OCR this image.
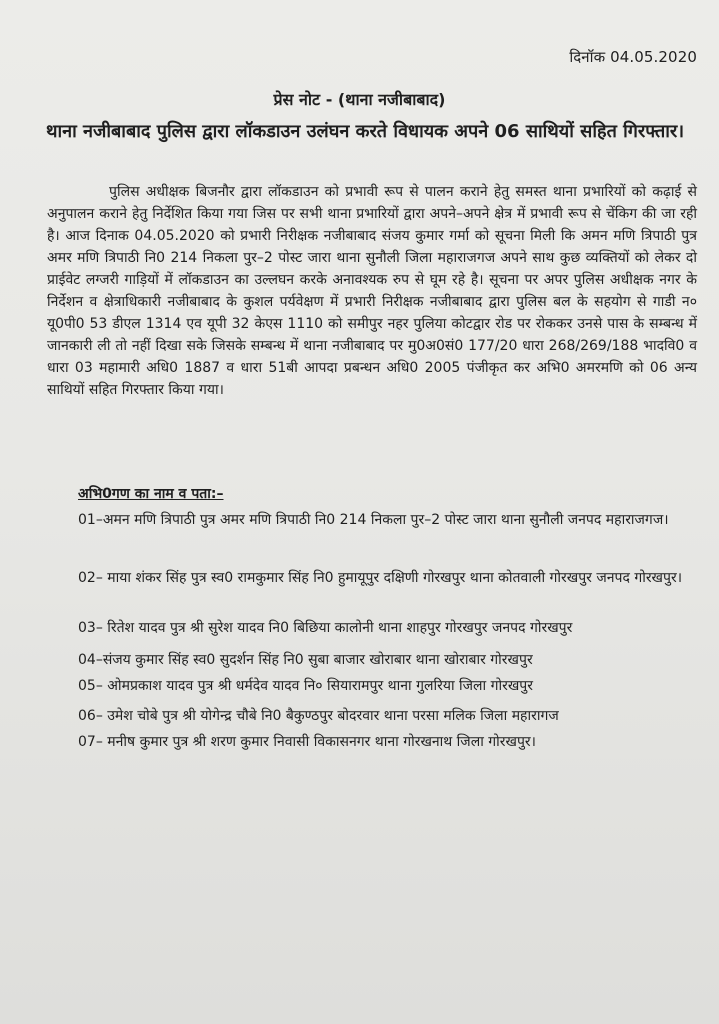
दिनॉक 04.05.2020
प्रेस नोट - (थाना नजीबाबाद)
थाना नजीबाबाद पुलिस द्वारा लॉकडाउन उलंघन करते विधायक अपने 06 साथियों सहित गिरफ्तार।

पुलिस अधीक्षक बिजनौर द्वारा लॉकडाउन को प्रभावी रूप से पालन कराने हेतु समस्त थाना प्रभारियों को कढ़ाई से अनुपालन कराने हेतु निर्देशित किया गया जिस पर सभी थाना प्रभारियों द्वारा अपने–अपने क्षेत्र में प्रभावी रूप से चेंकिग की जा रही है। आज दिनाक 04.05.2020 को प्रभारी निरीक्षक नजीबाबाद संजय कुमार गर्मा को सूचना मिली कि अमन मणि त्रिपाठी पुत्र अमर मणि त्रिपाठी नि0 214 निकला पुर–2 पोस्ट जारा थाना सुनौली जिला महाराजगज अपने साथ कुछ व्यक्तियों को लेकर दो प्राईवेट लग्जरी गाड़ियों में लॉकडाउन का उल्लघन करके अनावश्यक रुप से घूम रहे है। सूचना पर अपर पुलिस अधीक्षक नगर के निर्देशन व क्षेत्राधिकारी नजीबाबाद के कुशल पर्यवेक्षण में प्रभारी निरीक्षक नजीबाबाद द्वारा पुलिस बल के सहयोग से गाडी न० यू0पी0 53 डीएल 1314 एव यूपी 32 केएस 1110 को समीपुर नहर पुलिया कोटद्वार रोड पर रोककर उनसे पास के सम्बन्ध में जानकारी ली तो नहीं दिखा सके जिसके सम्बन्ध में थाना नजीबाबाद पर मु0अ0सं0 177/20 धारा 268/269/188 भादवि0 व धारा 03 महामारी अधि0 1887 व धारा 51बी आपदा प्रबन्धन अधि0 2005 पंजीकृत कर अभि0 अमरमणि को 06 अन्य साथियों सहित गिरफ्तार किया गया।

अभि0गण का नाम व पता:–
01–अमन मणि त्रिपाठी पुत्र अमर मणि त्रिपाठी नि0 214 निकला पुर–2 पोस्ट जारा थाना सुनौली जनपद महाराजगज।
02– माया शंकर सिंह पुत्र स्व0 रामकुमार सिंह नि0 हुमायूपुर दक्षिणी गोरखपुर थाना कोतवाली गोरखपुर जनपद गोरखपुर।
03– रितेश यादव पुत्र श्री सुरेश यादव नि0 बिछिया कालोनी थाना शाहपुर गोरखपुर जनपद गोरखपुर
04–संजय कुमार सिंह स्व0 सुदर्शन सिंह नि0 सुबा बाजार खोराबार थाना खोराबार गोरखपुर
05– ओमप्रकाश यादव पुत्र श्री धर्मदेव यादव नि० सियारामपुर थाना गुलरिया जिला गोरखपुर
06– उमेश चोबे पुत्र श्री योगेन्द्र चौबे नि0 बैकुण्ठपुर बोदरवार थाना परसा मलिक जिला महारागज
07– मनीष कुमार पुत्र श्री शरण कुमार निवासी विकासनगर थाना गोरखनाथ जिला गोरखपुर।
